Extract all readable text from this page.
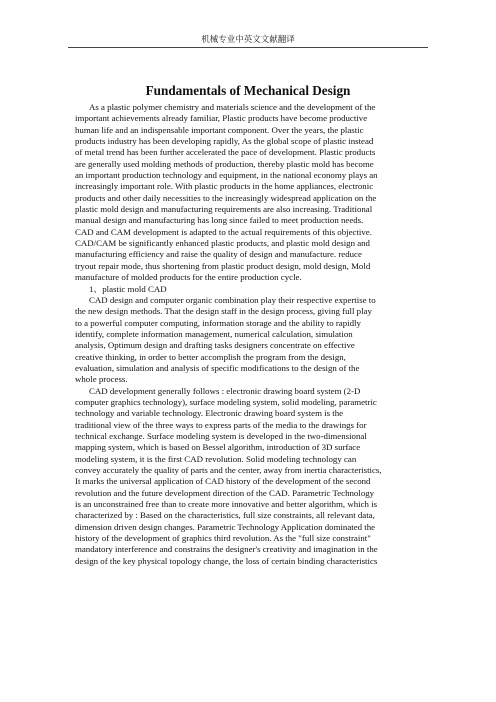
机械专业中英文文献翻译
Fundamentals of Mechanical Design
As a plastic polymer chemistry and materials science and the development of the
important achievements already familiar, Plastic products have become productive
human life and an indispensable important component. Over the years, the plastic
products industry has been developing rapidly, As the global scope of plastic instead
of metal trend has been further accelerated the pace of development. Plastic products
are generally used molding methods of production, thereby plastic mold has become
an important production technology and equipment, in the national economy plays an
increasingly important role. With plastic products in the home appliances, electronic
products and other daily necessities to the increasingly widespread application on the
plastic mold design and manufacturing requirements are also increasing. Traditional
manual design and manufacturing has long since failed to meet production needs.
CAD and CAM development is adapted to the actual requirements of this objective.
CAD/CAM be significantly enhanced plastic products, and plastic mold design and
manufacturing efficiency and raise the quality of design and manufacture. reduce
tryout repair mode, thus shortening from plastic product design, mold design, Mold
manufacture of molded products for the entire production cycle.
1、plastic mold CAD
CAD design and computer organic combination play their respective expertise to
the new design methods. That the design staff in the design process, giving full play
to a powerful computer computing, information storage and the ability to rapidly
identify, complete information management, numerical calculation, simulation
analysis, Optimum design and drafting tasks designers concentrate on effective
creative thinking, in order to better accomplish the program from the design,
evaluation, simulation and analysis of specific modifications to the design of the
whole process.
CAD development generally follows : electronic drawing board system (2-D
computer graphics technology), surface modeling system, solid modeling, parametric
technology and variable technology. Electronic drawing board system is the
traditional view of the three ways to express parts of the media to the drawings for
technical exchange. Surface modeling system is developed in the two-dimensional
mapping system, which is based on Bessel algorithm, introduction of 3D surface
modeling system, it is the first CAD revolution. Solid modeling technology can
convey accurately the quality of parts and the center, away from inertia characteristics,
It marks the universal application of CAD history of the development of the second
revolution and the future development direction of the CAD. Parametric Technology
is an unconstrained free than to create more innovative and better algorithm, which is
characterized by : Based on the characteristics, full size constraints, all relevant data,
dimension driven design changes. Parametric Technology Application dominated the
history of the development of graphics third revolution. As the "full size constraint"
mandatory interference and constrains the designer's creativity and imagination in the
design of the key physical topology change, the loss of certain binding characteristics
